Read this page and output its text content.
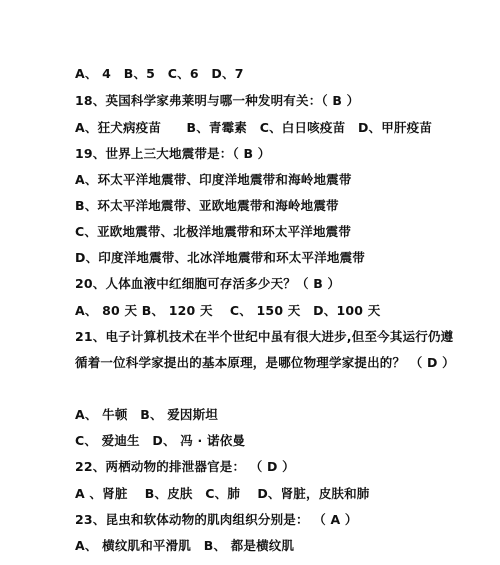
A、 4　B、5　C、6　D、7
18、英国科学家弗莱明与哪一种发明有关：（ B ）
A、狂犬病疫苗　　B、青霉素　C、白日咳疫苗　D、甲肝疫苗
19、世界上三大地震带是：（ B ）
A、环太平洋地震带、印度洋地震带和海岭地震带
B、环太平洋地震带、亚欧地震带和海岭地震带
C、亚欧地震带、北极洋地震带和环太平洋地震带
D、印度洋地震带、北冰洋地震带和环太平洋地震带
20、人体血液中红细胞可存活多少天？（ B ）
A、 80 天 B、 120 天　 C、 150 天　D、100 天
21、电子计算机技术在半个世纪中虽有很大进步,但至今其运行仍遵
循着一位科学家提出的基本原理，是哪位物理学家提出的？ （ D ）
A、 牛顿　B、 爱因斯坦
C、 爱迪生　D、 冯 · 诺依曼
22、两栖动物的排泄器官是： （ D ）
A 、肾脏　 B、皮肤　C、肺　 D、肾脏，皮肤和肺
23、昆虫和软体动物的肌肉组织分别是： （ A ）
A、 横纹肌和平滑肌　B、 都是横纹肌
